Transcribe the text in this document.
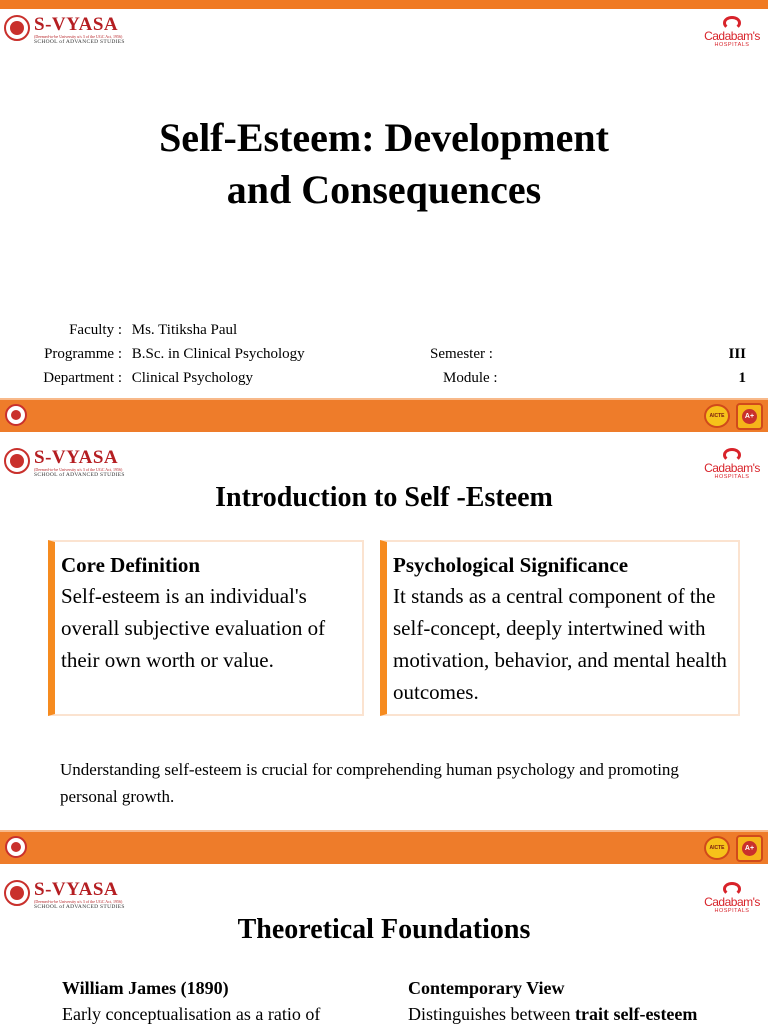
S-VYASA
(Deemed-to-be University u/s 3 of the UGC Act, 1956)
SCHOOL of ADVANCED STUDIES	Cadabam's
HOSPITALS
Self-Esteem: Development
and Consequences
Faculty : Ms. Titiksha Paul
Programme : B.Sc. in Clinical Psychology
Department : Clinical Psychology
Semester :	III
Module :	1
AICTE	A+
S-VYASA
(Deemed-to-be University u/s 3 of the UGC Act, 1956)
SCHOOL of ADVANCED STUDIES	Cadabam's
HOSPITALS
Introduction to Self -Esteem
Core Definition
Self-esteem is an individual's overall subjective evaluation of their own worth or value.
Psychological Significance
It stands as a central component of the self-concept, deeply intertwined with motivation, behavior, and mental health outcomes.
Understanding self-esteem is crucial for comprehending human psychology and promoting personal growth.
AICTE	A+
S-VYASA
(Deemed-to-be University u/s 3 of the UGC Act, 1956)
SCHOOL of ADVANCED STUDIES	Cadabam's
HOSPITALS
Theoretical Foundations
William James (1890)
Early conceptualisation as a ratio of
Contemporary View
Distinguishes between trait self-esteem
